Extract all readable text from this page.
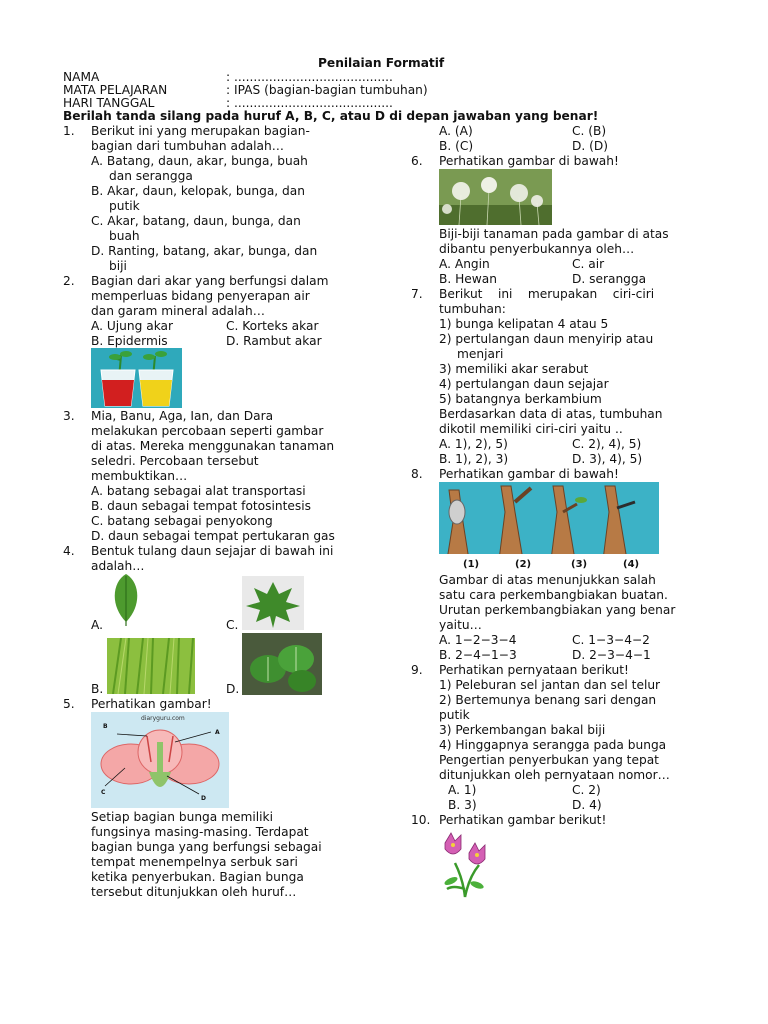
Penilaian Formatif
NAMA	: .........................................
MATA PELAJARAN	: IPAS (bagian-bagian tumbuhan)
HARI TANGGAL	: .........................................
Berilah tanda silang pada huruf A, B, C, atau D di depan jawaban yang benar!
1. Berikut ini yang merupakan bagian-
bagian dari tumbuhan adalah…
A. Batang, daun, akar, bunga, buah
dan serangga
B. Akar, daun, kelopak, bunga, dan
putik
C. Akar, batang, daun, bunga, dan
buah
D. Ranting, batang, akar, bunga, dan
biji
2. Bagian dari akar yang berfungsi dalam
memperluas bidang penyerapan air
dan garam mineral adalah…
A. Ujung akar	C. Korteks akar
B. Epidermis	D. Rambut akar
3. Mia, Banu, Aga, Ian, dan Dara
melakukan percobaan seperti gambar
di atas. Mereka menggunakan tanaman
seledri. Percobaan tersebut
membuktikan…
A. batang sebagai alat transportasi
B. daun sebagai tempat fotosintesis
C. batang sebagai penyokong
D. daun sebagai tempat pertukaran gas
4. Bentuk tulang daun sejajar di bawah ini
adalah…
A.	C.
B.	D.
5. Perhatikan gambar!
diaryguru.com
B
A
C
D
Setiap bagian bunga memiliki
fungsinya masing-masing. Terdapat
bagian bunga yang berfungsi sebagai
tempat menempelnya serbuk sari
ketika penyerbukan. Bagian bunga
tersebut ditunjukkan oleh huruf…
A. (A)	C. (B)
B. (C)	D. (D)
6. Perhatikan gambar di bawah!
Biji-biji tanaman pada gambar di atas
dibantu penyerbukannya oleh…
A. Angin	C. air
B. Hewan	D. serangga
7. Berikut    ini    merupakan    ciri-ciri
tumbuhan:
1) bunga kelipatan 4 atau 5
2) pertulangan daun menyirip atau
menjari
3) memiliki akar serabut
4) pertulangan daun sejajar
5) batangnya berkambium
Berdasarkan data di atas, tumbuhan
dikotil memiliki ciri-ciri yaitu ..
A. 1), 2), 5)	C. 2), 4), 5)
B. 1), 2), 3)	D. 3), 4), 5)
8. Perhatikan gambar di bawah!
(1)	(2)	(3)	(4)
Gambar di atas menunjukkan salah
satu cara perkembangbiakan buatan.
Urutan perkembangbiakan yang benar
yaitu…
A. 1−2−3−4	C. 1−3−4−2
B. 2−4−1−3	D. 2−3−4−1
9. Perhatikan pernyataan berikut!
1) Peleburan sel jantan dan sel telur
2) Bertemunya benang sari dengan
putik
3) Perkembangan bakal biji
4) Hinggapnya serangga pada bunga
Pengertian penyerbukan yang tepat
ditunjukkan oleh pernyataan nomor…
A. 1)	C. 2)
B. 3)	D. 4)
10. Perhatikan gambar berikut!
